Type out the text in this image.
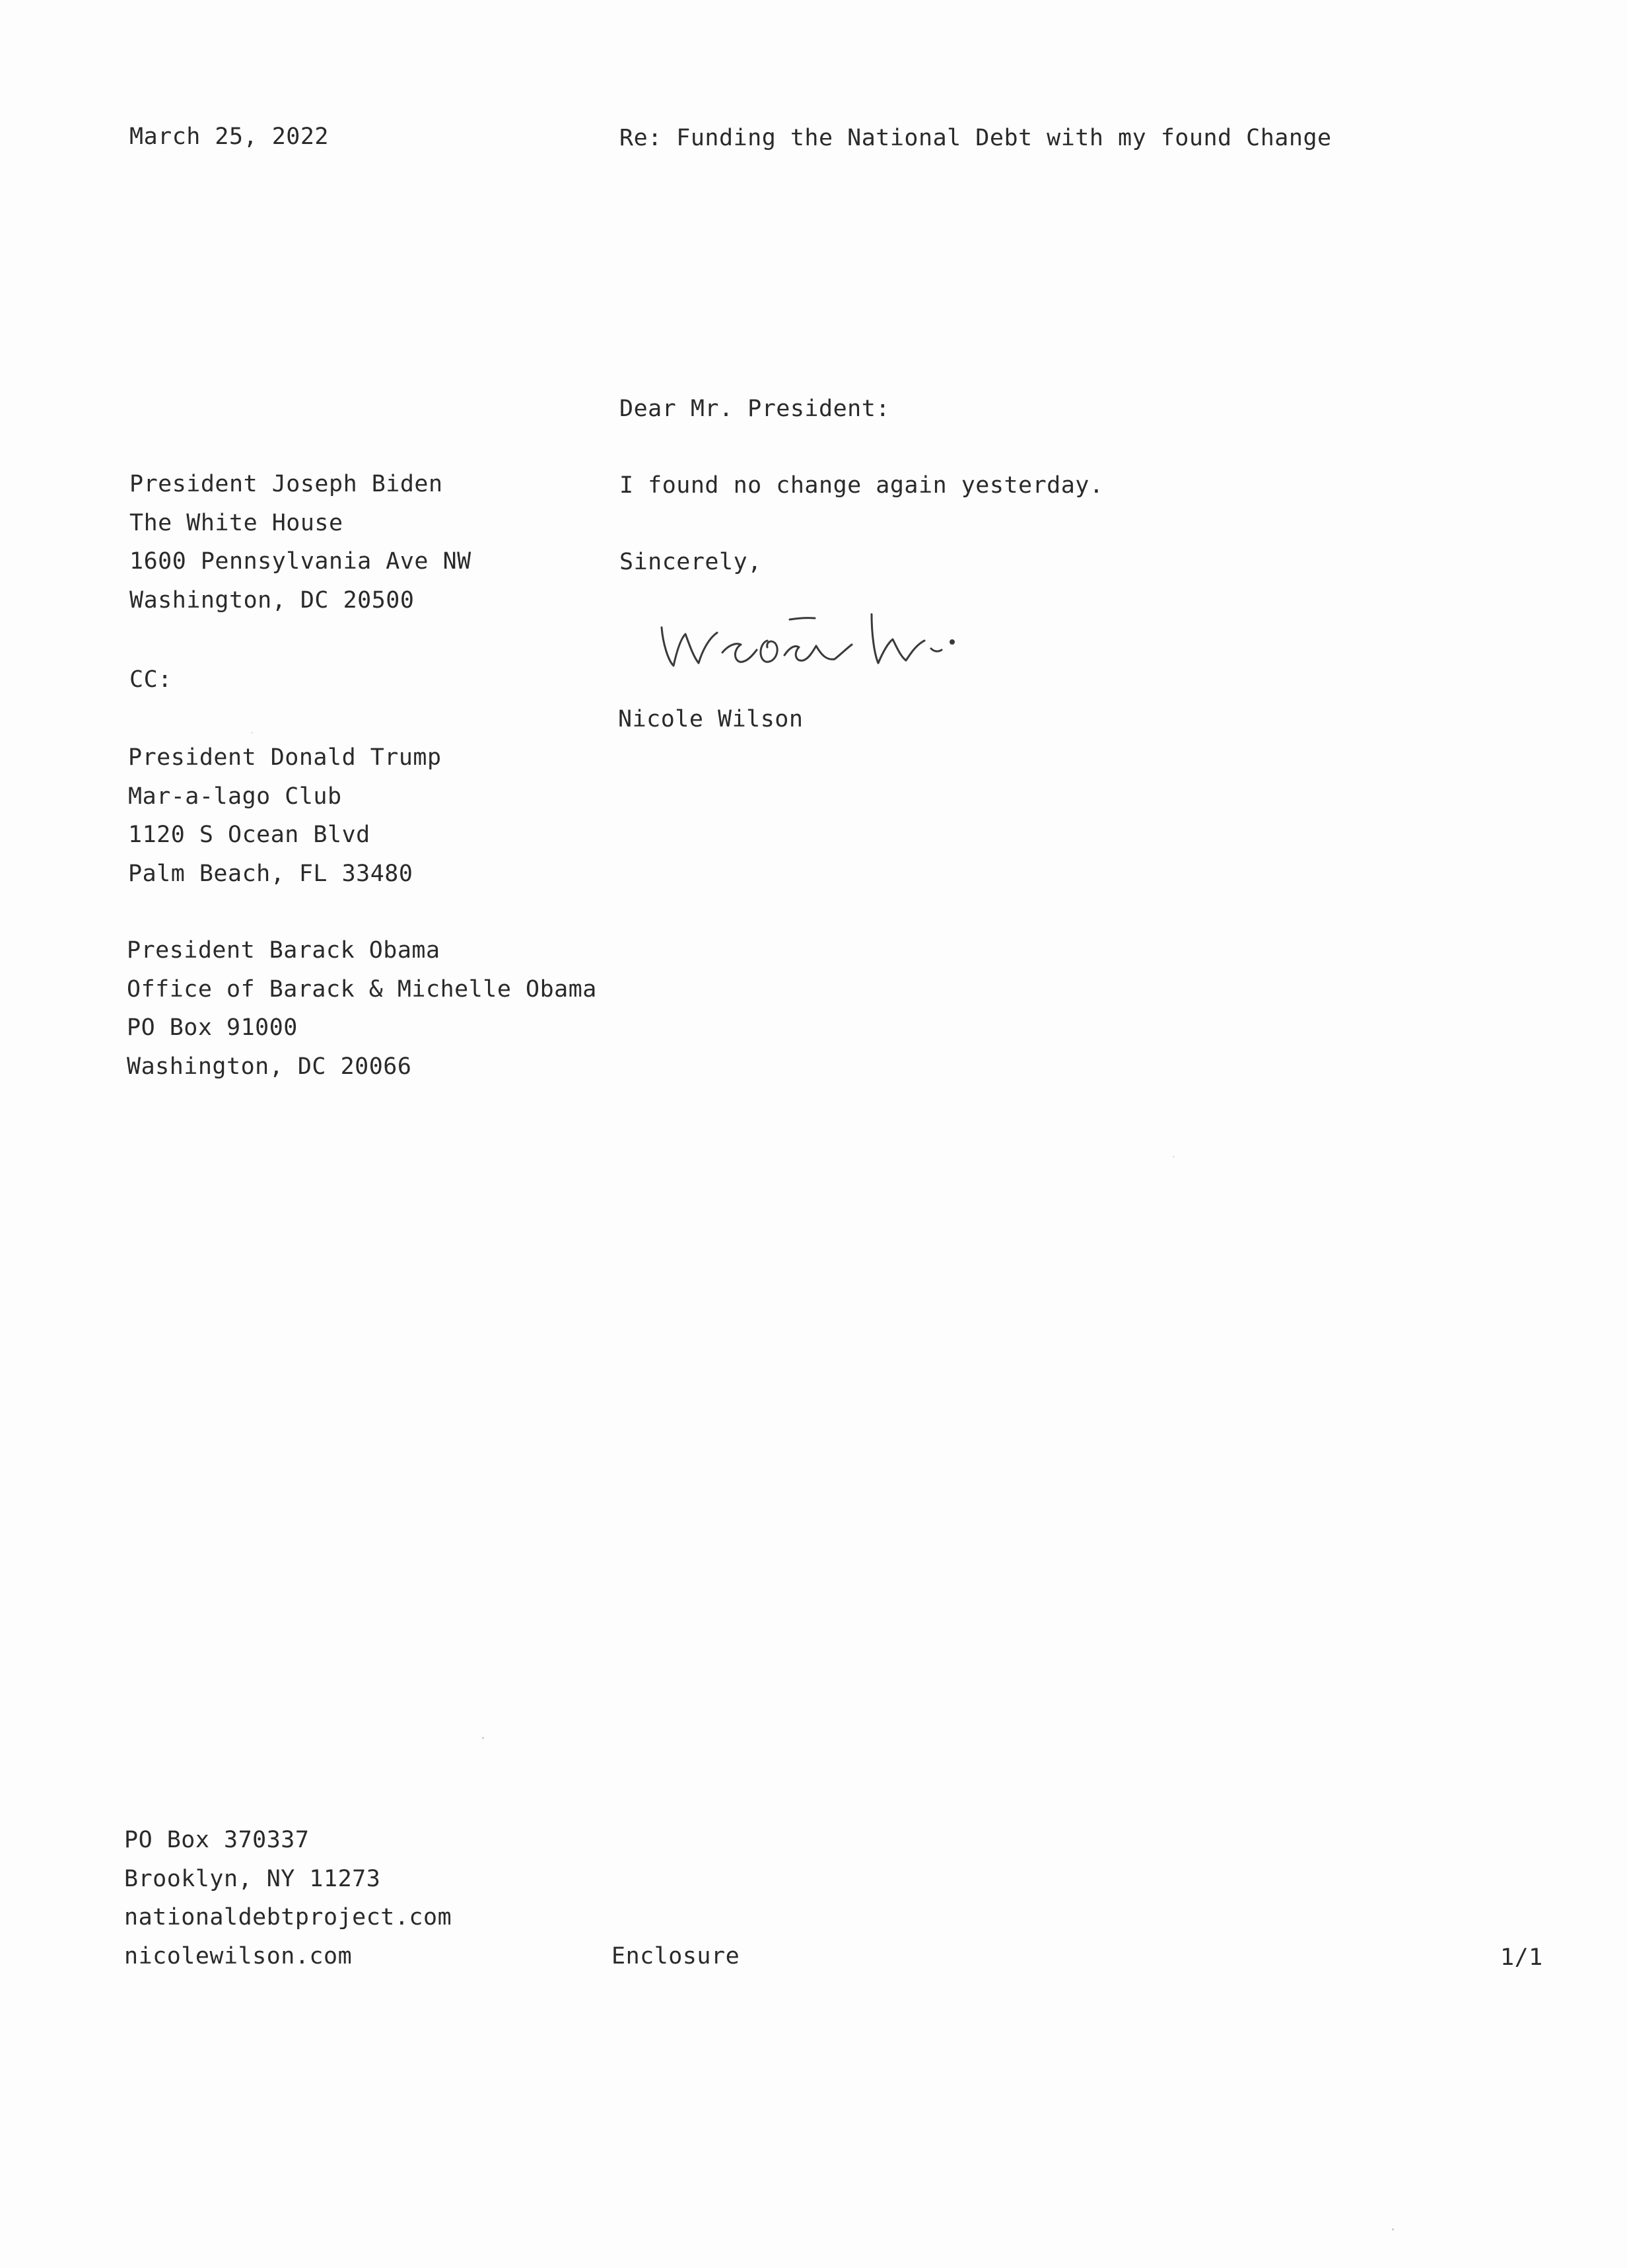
March 25, 2022	Re: Funding the National Debt with my found Change
Dear Mr. President:
President Joseph Biden
The White House
1600 Pennsylvania Ave NW
Washington, DC 20500
I found no change again yesterday.
Sincerely,
Nicole Wilson
CC:
President Donald Trump
Mar-a-lago Club
1120 S Ocean Blvd
Palm Beach, FL 33480
President Barack Obama
Office of Barack & Michelle Obama
PO Box 91000
Washington, DC 20066
PO Box 370337
Brooklyn, NY 11273
nationaldebtproject.com
nicolewilson.com	Enclosure	1/1
